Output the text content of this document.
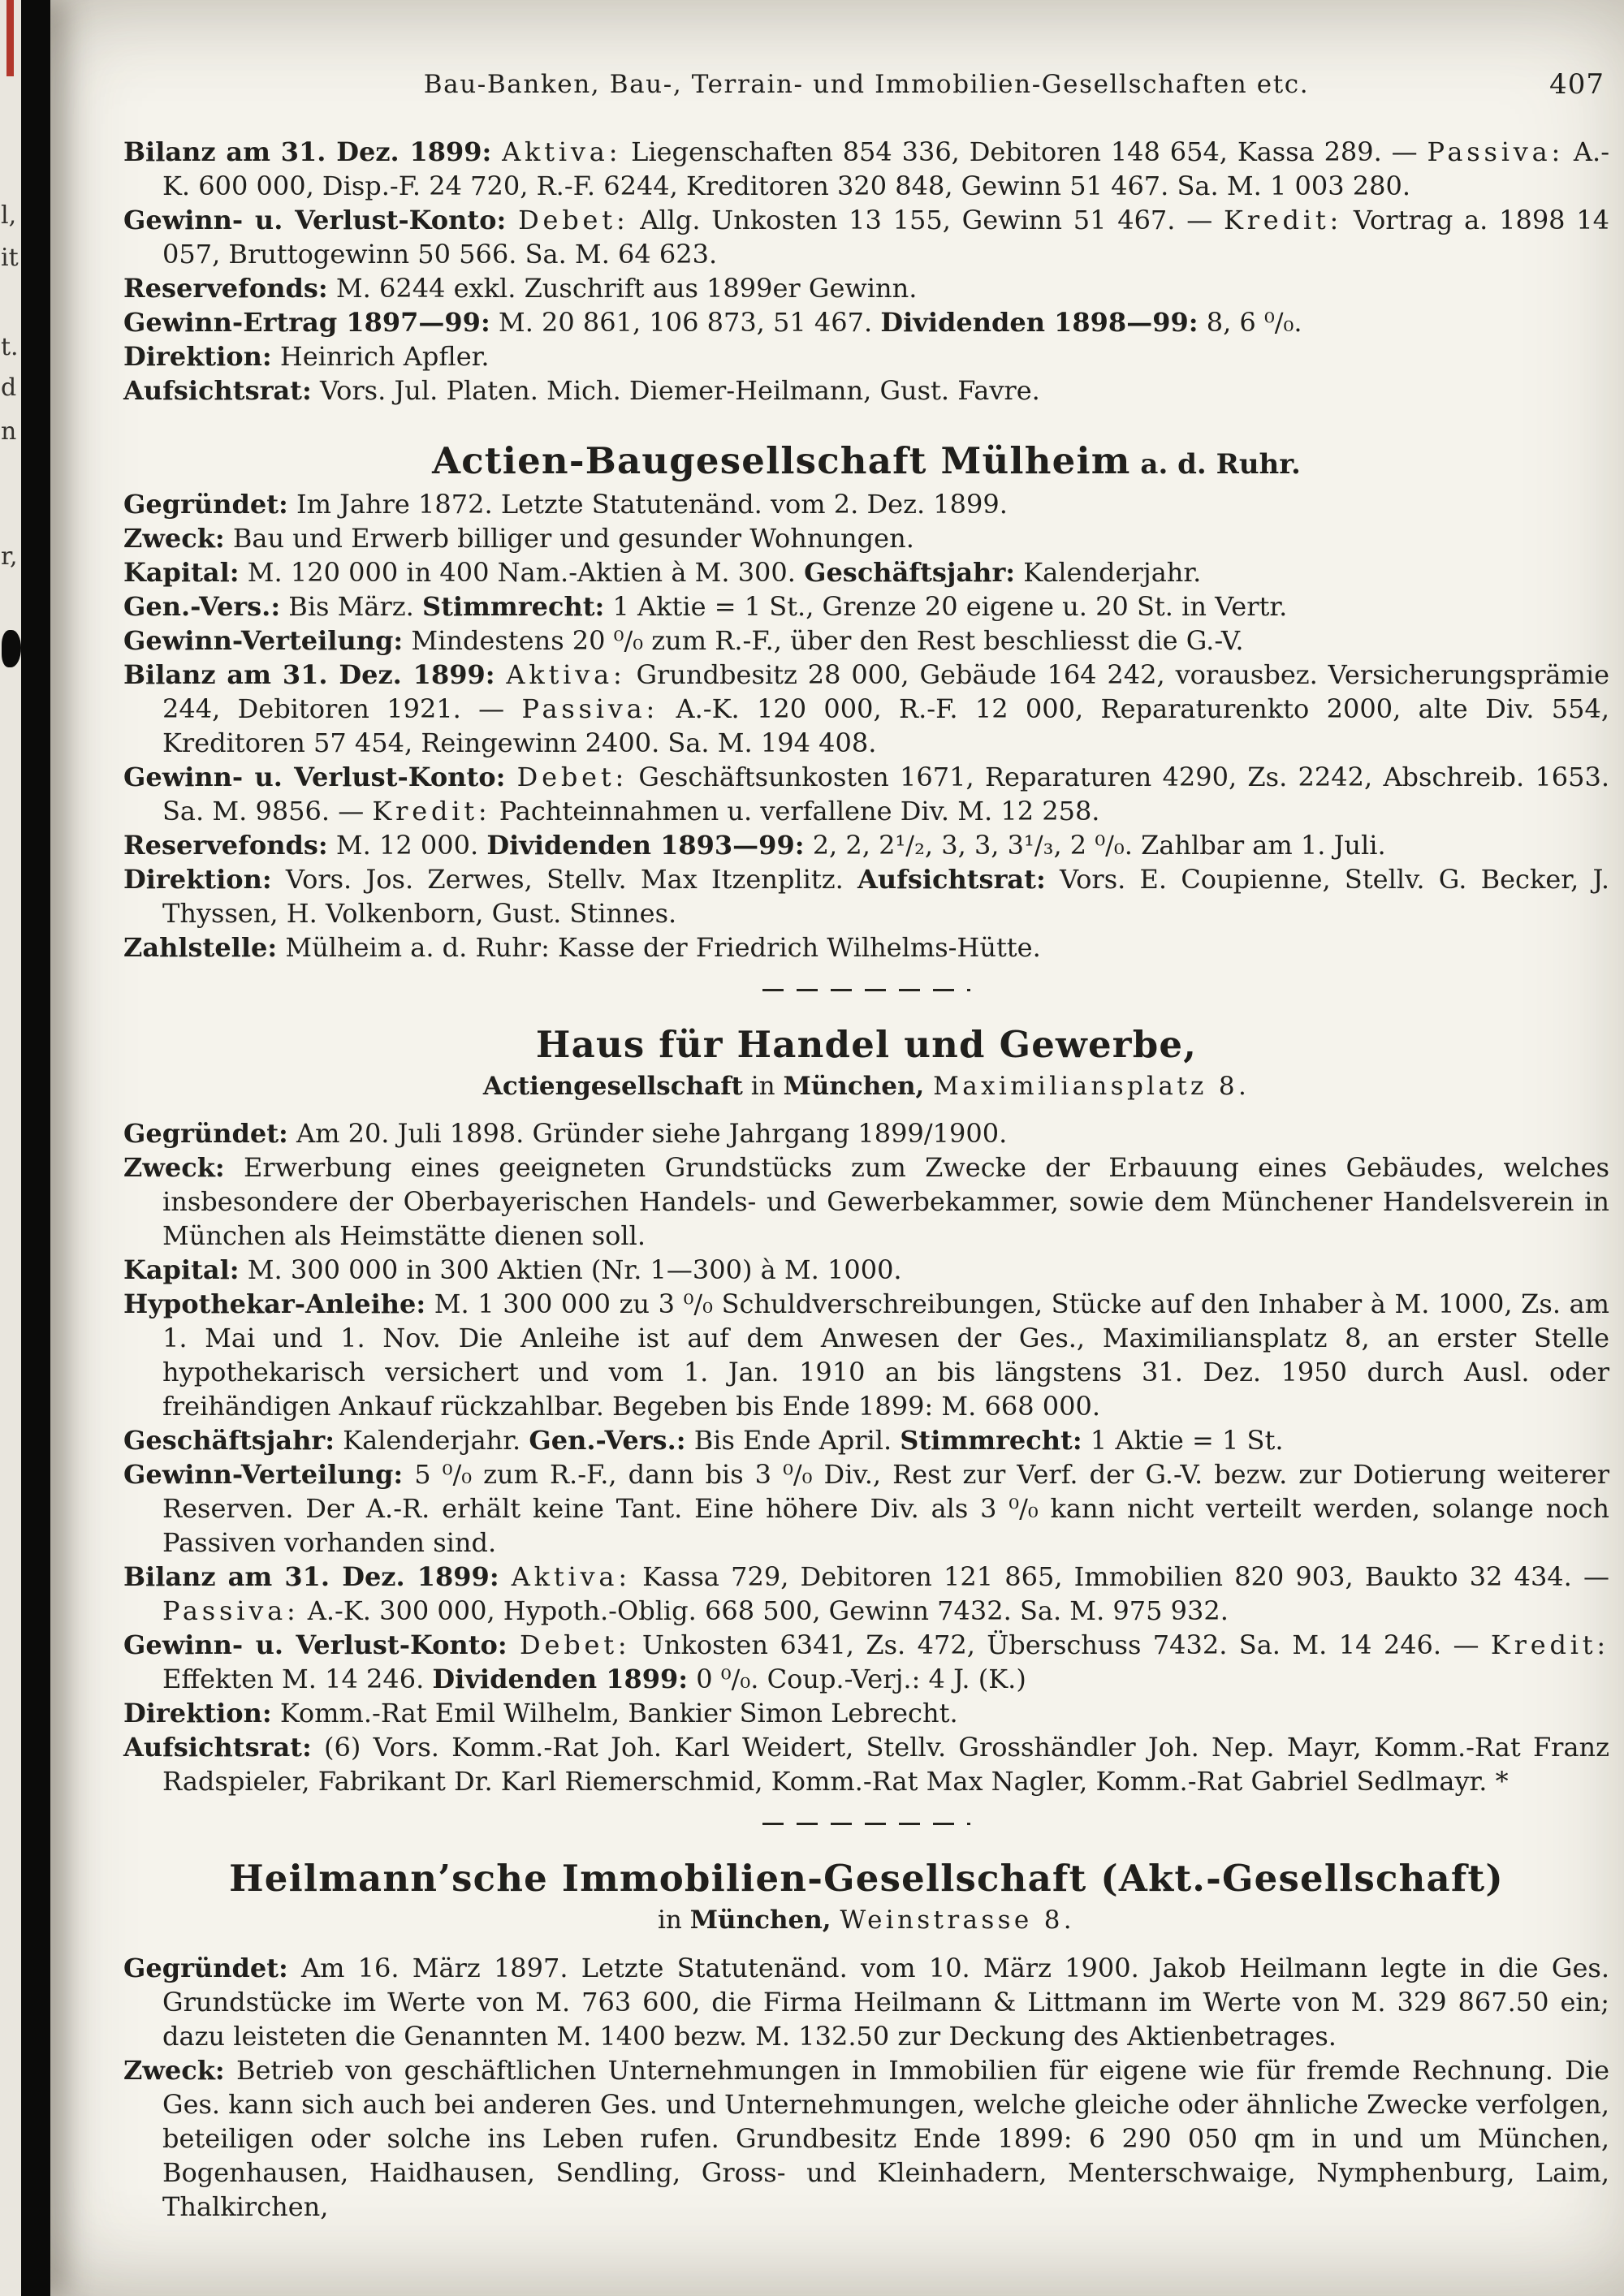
l,
it
t.
d
n
r,
Bau-Banken, Bau-, Terrain- und Immobilien-Gesellschaften etc.	407

Bilanz am 31. Dez. 1899: Aktiva: Liegenschaften 854 336, Debitoren 148 654, Kassa 289. — Passiva: A.-K. 600 000, Disp.-F. 24 720, R.-F. 6244, Kreditoren 320 848, Gewinn 51 467. Sa. M. 1 003 280.

Gewinn- u. Verlust-Konto: Debet: Allg. Unkosten 13 155, Gewinn 51 467. — Kredit: Vortrag a. 1898 14 057, Bruttogewinn 50 566. Sa. M. 64 623.

Reservefonds: M. 6244 exkl. Zuschrift aus 1899er Gewinn.

Gewinn-Ertrag 1897—99: M. 20 861, 106 873, 51 467. Dividenden 1898—99: 8, 6 ⁰/₀.

Direktion: Heinrich Apfler.

Aufsichtsrat: Vors. Jul. Platen. Mich. Diemer-Heilmann, Gust. Favre.

Actien-Baugesellschaft Mülheim a. d. Ruhr.

Gegründet: Im Jahre 1872. Letzte Statutenänd. vom 2. Dez. 1899.

Zweck: Bau und Erwerb billiger und gesunder Wohnungen.

Kapital: M. 120 000 in 400 Nam.-Aktien à M. 300. Geschäftsjahr: Kalenderjahr.

Gen.-Vers.: Bis März. Stimmrecht: 1 Aktie = 1 St., Grenze 20 eigene u. 20 St. in Vertr.

Gewinn-Verteilung: Mindestens 20 ⁰/₀ zum R.-F., über den Rest beschliesst die G.-V.

Bilanz am 31. Dez. 1899: Aktiva: Grundbesitz 28 000, Gebäude 164 242, vorausbez. Versicherungsprämie 244, Debitoren 1921. — Passiva: A.-K. 120 000, R.-F. 12 000, Reparaturenkto 2000, alte Div. 554, Kreditoren 57 454, Reingewinn 2400. Sa. M. 194 408.

Gewinn- u. Verlust-Konto: Debet: Geschäftsunkosten 1671, Reparaturen 4290, Zs. 2242, Abschreib. 1653. Sa. M. 9856. — Kredit: Pachteinnahmen u. verfallene Div. M. 12 258.

Reservefonds: M. 12 000. Dividenden 1893—99: 2, 2, 2¹/₂, 3, 3, 3¹/₃, 2 ⁰/₀. Zahlbar am 1. Juli.

Direktion: Vors. Jos. Zerwes, Stellv. Max Itzenplitz. Aufsichtsrat: Vors. E. Coupienne, Stellv. G. Becker, J. Thyssen, H. Volkenborn, Gust. Stinnes.

Zahlstelle: Mülheim a. d. Ruhr: Kasse der Friedrich Wilhelms-Hütte.

Haus für Handel und Gewerbe,
Actiengesellschaft in München, Maximiliansplatz 8.

Gegründet: Am 20. Juli 1898. Gründer siehe Jahrgang 1899/1900.

Zweck: Erwerbung eines geeigneten Grundstücks zum Zwecke der Erbauung eines Gebäudes, welches insbesondere der Oberbayerischen Handels- und Gewerbekammer, sowie dem Münchener Handelsverein in München als Heimstätte dienen soll.

Kapital: M. 300 000 in 300 Aktien (Nr. 1—300) à M. 1000.

Hypothekar-Anleihe: M. 1 300 000 zu 3 ⁰/₀ Schuldverschreibungen, Stücke auf den Inhaber à M. 1000, Zs. am 1. Mai und 1. Nov. Die Anleihe ist auf dem Anwesen der Ges., Maximiliansplatz 8, an erster Stelle hypothekarisch versichert und vom 1. Jan. 1910 an bis längstens 31. Dez. 1950 durch Ausl. oder freihändigen Ankauf rückzahlbar. Begeben bis Ende 1899: M. 668 000.

Geschäftsjahr: Kalenderjahr. Gen.-Vers.: Bis Ende April. Stimmrecht: 1 Aktie = 1 St.

Gewinn-Verteilung: 5 ⁰/₀ zum R.-F., dann bis 3 ⁰/₀ Div., Rest zur Verf. der G.-V. bezw. zur Dotierung weiterer Reserven. Der A.-R. erhält keine Tant. Eine höhere Div. als 3 ⁰/₀ kann nicht verteilt werden, solange noch Passiven vorhanden sind.

Bilanz am 31. Dez. 1899: Aktiva: Kassa 729, Debitoren 121 865, Immobilien 820 903, Baukto 32 434. — Passiva: A.-K. 300 000, Hypoth.-Oblig. 668 500, Gewinn 7432. Sa. M. 975 932.

Gewinn- u. Verlust-Konto: Debet: Unkosten 6341, Zs. 472, Überschuss 7432. Sa. M. 14 246. — Kredit: Effekten M. 14 246. Dividenden 1899: 0 ⁰/₀. Coup.-Verj.: 4 J. (K.)

Direktion: Komm.-Rat Emil Wilhelm, Bankier Simon Lebrecht.

Aufsichtsrat: (6) Vors. Komm.-Rat Joh. Karl Weidert, Stellv. Grosshändler Joh. Nep. Mayr, Komm.-Rat Franz Radspieler, Fabrikant Dr. Karl Riemerschmid, Komm.-Rat Max Nagler, Komm.-Rat Gabriel Sedlmayr. *

Heilmann’sche Immobilien-Gesellschaft (Akt.-Gesellschaft)
in München, Weinstrasse 8.

Gegründet: Am 16. März 1897. Letzte Statutenänd. vom 10. März 1900. Jakob Heilmann legte in die Ges. Grundstücke im Werte von M. 763 600, die Firma Heilmann & Littmann im Werte von M. 329 867.50 ein; dazu leisteten die Genannten M. 1400 bezw. M. 132.50 zur Deckung des Aktienbetrages.

Zweck: Betrieb von geschäftlichen Unternehmungen in Immobilien für eigene wie für fremde Rechnung. Die Ges. kann sich auch bei anderen Ges. und Unternehmungen, welche gleiche oder ähnliche Zwecke verfolgen, beteiligen oder solche ins Leben rufen. Grundbesitz Ende 1899: 6 290 050 qm in und um München, Bogenhausen, Haidhausen, Sendling, Gross- und Kleinhadern, Menterschwaige, Nymphenburg, Laim, Thalkirchen,
